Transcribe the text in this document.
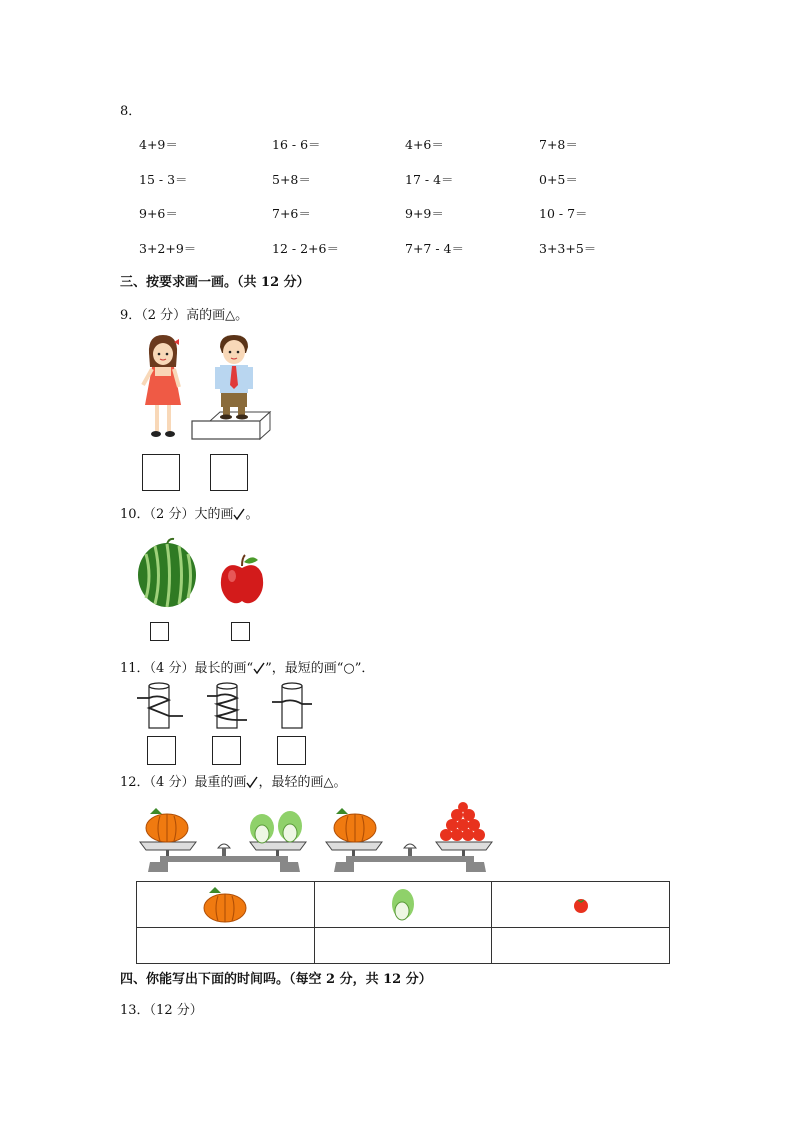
8．
4+9＝	16 - 6＝	4+6＝	7+8＝
15 - 3＝	5+8＝	17 - 4＝	0+5＝
9+6＝	7+6＝	9+9＝	10 - 7＝
3+2+9＝	12 - 2+6＝	7+7 - 4＝	3+3+5＝
三、按要求画一画。（共 12 分）
9．（2 分）高的画△。
10．（2 分）大的画 。
11．（4 分）最长的画“ ”，最短的画“○”．
12．（4 分）最重的画 ，最轻的画△。

四、你能写出下面的时间吗。（每空 2 分，共 12 分）
13．（12 分）
